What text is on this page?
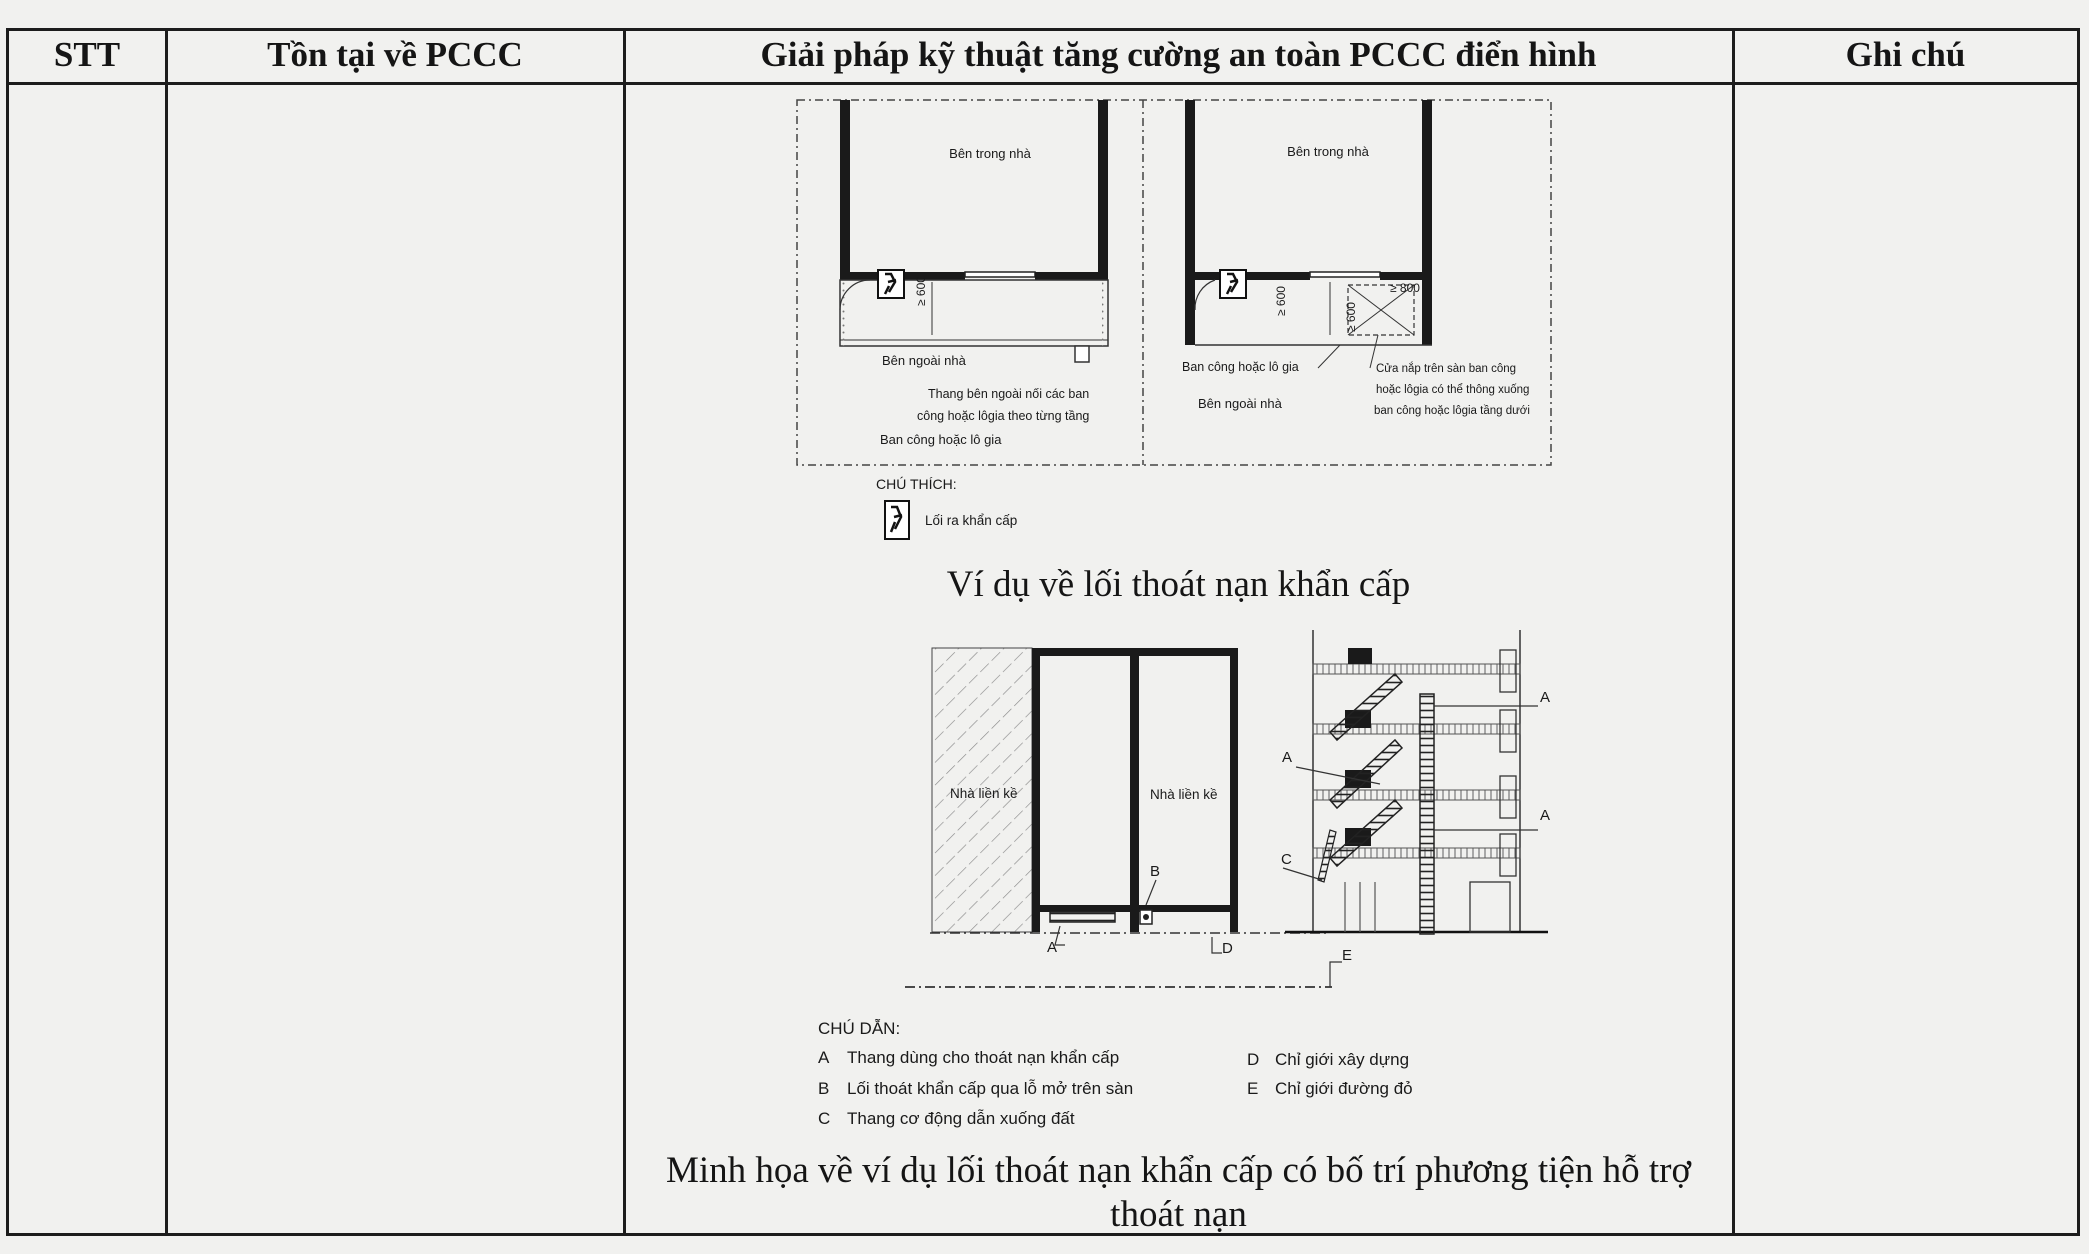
STT	Tồn tại về PCCC	Giải pháp kỹ thuật tăng cường an toàn PCCC điển hình	Ghi chú
Bên trong nhà	Bên trong nhà
≥ 600	≥ 600
≥ 600
≥ 800
Bên ngoài nhà
Thang bên ngoài nối các ban
công hoặc lôgia theo từng tầng
Ban công hoặc lô gia
Ban công hoặc lô gia
Bên ngoài nhà
Cửa nắp trên sàn ban công
hoặc lôgia có thể thông xuống
ban công hoặc lôgia tầng dưới
CHÚ THÍCH:
Lối ra khẩn cấp
Nhà liền kề	Nhà liền kề
A
B
D	E
A
A
A
C
CHÚ DẪN:
A Thang dùng cho thoát nạn khẩn cấp
B Lối thoát khẩn cấp qua lỗ mở trên sàn
C Thang cơ động dẫn xuống đất
D Chỉ giới xây dựng
E Chỉ giới đường đỏ
Ví dụ về lối thoát nạn khẩn cấp
Minh họa về ví dụ lối thoát nạn khẩn cấp có bố trí phương tiện hỗ trợ
thoát nạn
